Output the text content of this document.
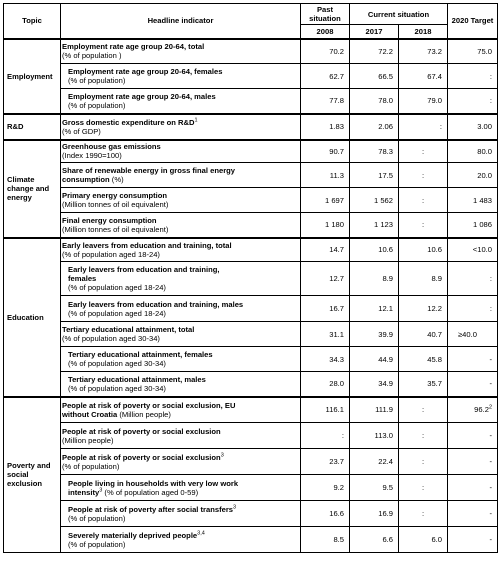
Topic	Headline indicator	Past situation	Current situation		2020 Target
		2008	2017	2018	
Employment	Employment rate age group 20-64, total
(% of population )	70.2	72.2	73.2	75.0
	Employment rate age group 20-64, females
(% of population)	62.7	66.5	67.4	:
	Employment rate age group 20-64, males
(% of population)	77.8	78.0	79.0	:
R&D	Gross domestic expenditure on $R\&D^1$
(% of GDP)	1.83	2.06	:	3.00
Climate change and energy	Greenhouse gas emissions
(Index 1990=100)	90.7	78.3	:	80.0
	Share of renewable energy in gross final energy
consumption (%)	11.3	17.5	:	20.0
	Primary energy consumption
(Million tonnes of oil equivalent)	1 697	1 562	:	1 483
	Final energy consumption
(Million tonnes of oil equivalent)	1 180	1 123	:	1 086
Education	Early leavers from education and training, total
(% of population aged 18-24)	14.7	10.6	10.6	<10.0
	Early leavers from education and training,
females
(% of population aged 18-24)	12.7	8.9	8.9	:
	Early leavers from education and training, males
(% of population aged 18-24)	16.7	12.1	12.2	:
	Tertiary educational attainment, total
(% of population aged 30-34)	31.1	39.9	40.7	≥40.0
	Tertiary educational attainment, females
(% of population aged 30-34)	34.3	44.9	45.8	-
	Tertiary educational attainment, males
(% of population aged 30-34)	28.0	34.9	35.7	-
Poverty and social exclusion	People at risk of poverty or social exclusion, EU
without Croatia (Million people)	116.1	111.9	:	96.2$^2$
	People at risk of poverty or social exclusion
(Million people)	:	113.0	:	-
	People at risk of poverty or social exclusion$^3$
(% of population)	23.7	22.4	:	-
	People living in households with very low work
intensity$^3$ (% of population aged 0-59)	9.2	9.5	:	-
	People at risk of poverty after social transfers$^3$
(% of population)	16.6	16.9	:	-
	Severely materially deprived people$^{3,4}$
(% of population)	8.5	6.6	6.0	-
